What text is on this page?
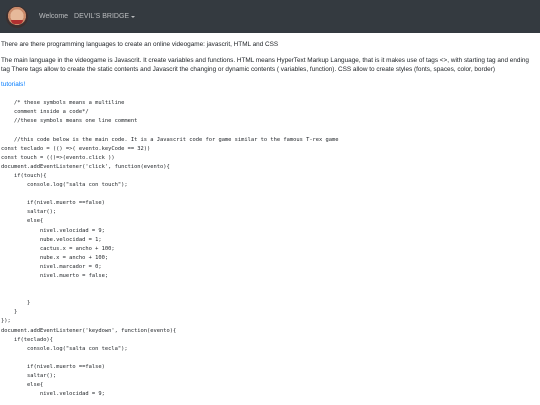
Welcome DEVIL'S BRIDGE

There are there programming languages to create an online videogame: javascrit, HTML and CSS

The main language in the videogame is Javascrit. It create variables and functions. HTML means HyperText Markup Language, that is it makes use of tags <>, with starting tag and ending tag There tags allow to create the static contents and Javascrit the changing or dynamic contents ( variables, function). CSS allow to create styles (fonts, spaces, color, border)

tutorials!
/* these symbols means a multiline
comment inside a code*/
//these symbols means one line comment

//this code below is the main code. It is a Javascrit code for game similar to the famous T-rex game
const teclado = (() =>( evento.keyCode == 32))
const touch = (()=>(evento.click ))
document.addEventListener('click', function(evento){
if(touch){
console.log("salta con touch");

if(nivel.muerto ==false)
saltar();
else{
nivel.velocidad = 9;
nube.velocidad = 1;
cactus.x = ancho + 100;
nube.x = ancho + 100;
nivel.marcador = 0;
nivel.muerto = false;

}
}
});
document.addEventListener('keydown', function(evento){
if(teclado){
console.log("salta con tecla");

if(nivel.muerto ==false)
saltar();
else{
nivel.velocidad = 9;
